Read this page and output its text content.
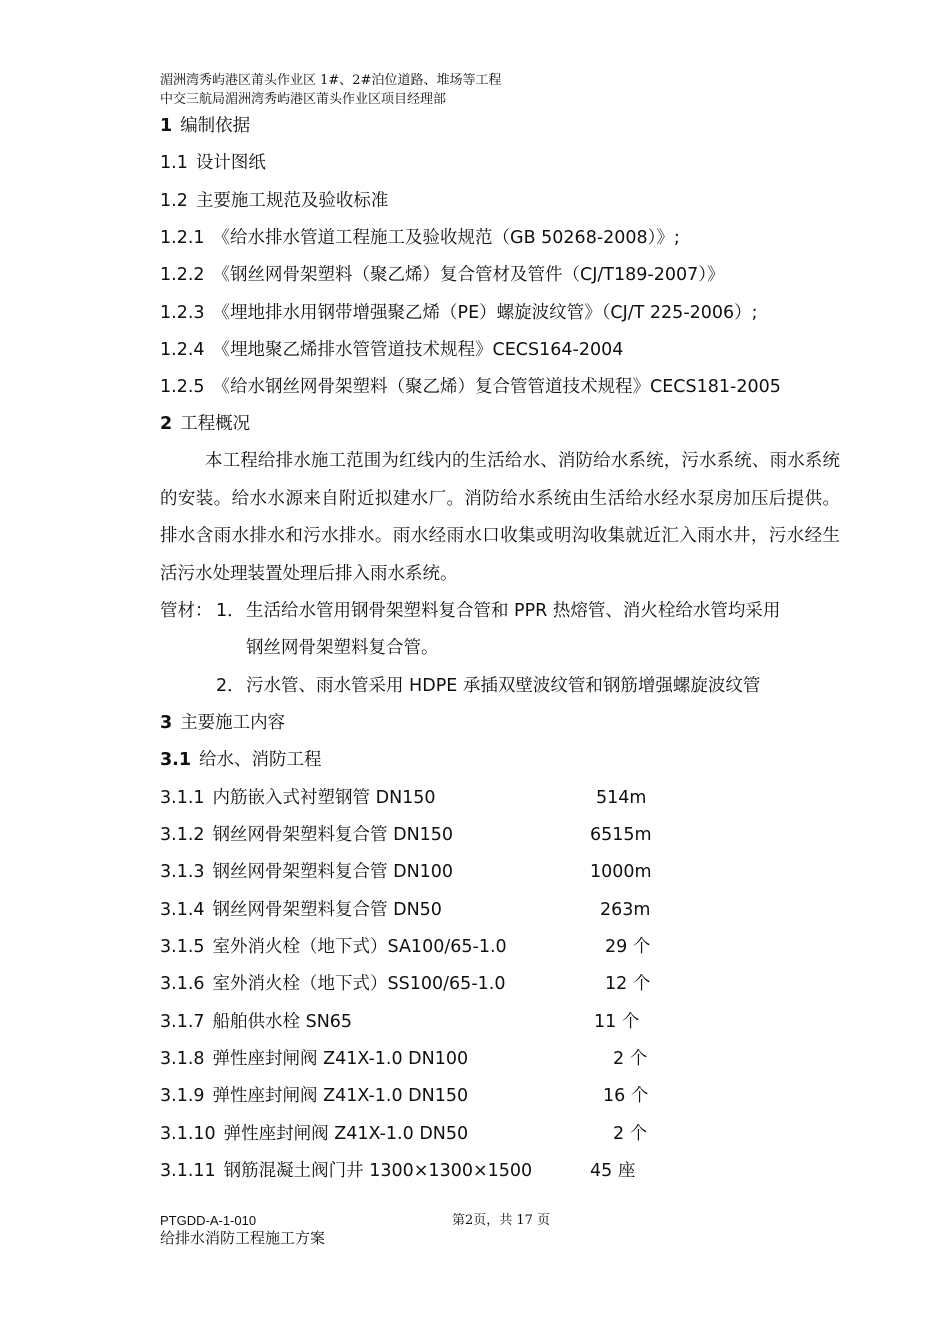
湄洲湾秀屿港区莆头作业区 1#、2#泊位道路、堆场等工程
中交三航局湄洲湾秀屿港区莆头作业区项目经理部
1 编制依据
1.1 设计图纸
1.2 主要施工规范及验收标准
1.2.1 《给水排水管道工程施工及验收规范（GB 50268-2008）》;
1.2.2 《钢丝网骨架塑料（聚乙烯）复合管材及管件（CJ/T189-2007）》
1.2.3 《埋地排水用钢带增强聚乙烯（PE）螺旋波纹管》（CJ/T 225-2006）;
1.2.4 《埋地聚乙烯排水管管道技术规程》CECS164-2004
1.2.5 《给水钢丝网骨架塑料（聚乙烯）复合管管道技术规程》CECS181-2005
2 工程概况
本工程给排水施工范围为红线内的生活给水、消防给水系统，污水系统、雨水系统的安装。给水水源来自附近拟建水厂。消防给水系统由生活给水经水泵房加压后提供。排水含雨水排水和污水排水。雨水经雨水口收集或明沟收集就近汇入雨水井，污水经生活污水处理装置处理后排入雨水系统。
管材： 1． 生活给水管用钢骨架塑料复合管和 PPR 热熔管、消火栓给水管均采用
钢丝网骨架塑料复合管。
2． 污水管、雨水管采用 HDPE 承插双壁波纹管和钢筋增强螺旋波纹管
3 主要施工内容
3.1 给水、消防工程
3.1.1 内筋嵌入式衬塑钢管 DN150	514m
3.1.2 钢丝网骨架塑料复合管 DN150	6515m
3.1.3 钢丝网骨架塑料复合管 DN100	1000m
3.1.4 钢丝网骨架塑料复合管 DN50	263m
3.1.5 室外消火栓（地下式）SA100/65-1.0	29 个
3.1.6 室外消火栓（地下式）SS100/65-1.0	12 个
3.1.7 船舶供水栓 SN65	11 个
3.1.8 弹性座封闸阀 Z41X-1.0 DN100	2 个
3.1.9 弹性座封闸阀 Z41X-1.0 DN150	16 个
3.1.10 弹性座封闸阀 Z41X-1.0 DN50	2 个
3.1.11 钢筋混凝土阀门井 1300×1300×1500	45 座
PTGDD-A-1-010	第2页，共 17 页
给排水消防工程施工方案
